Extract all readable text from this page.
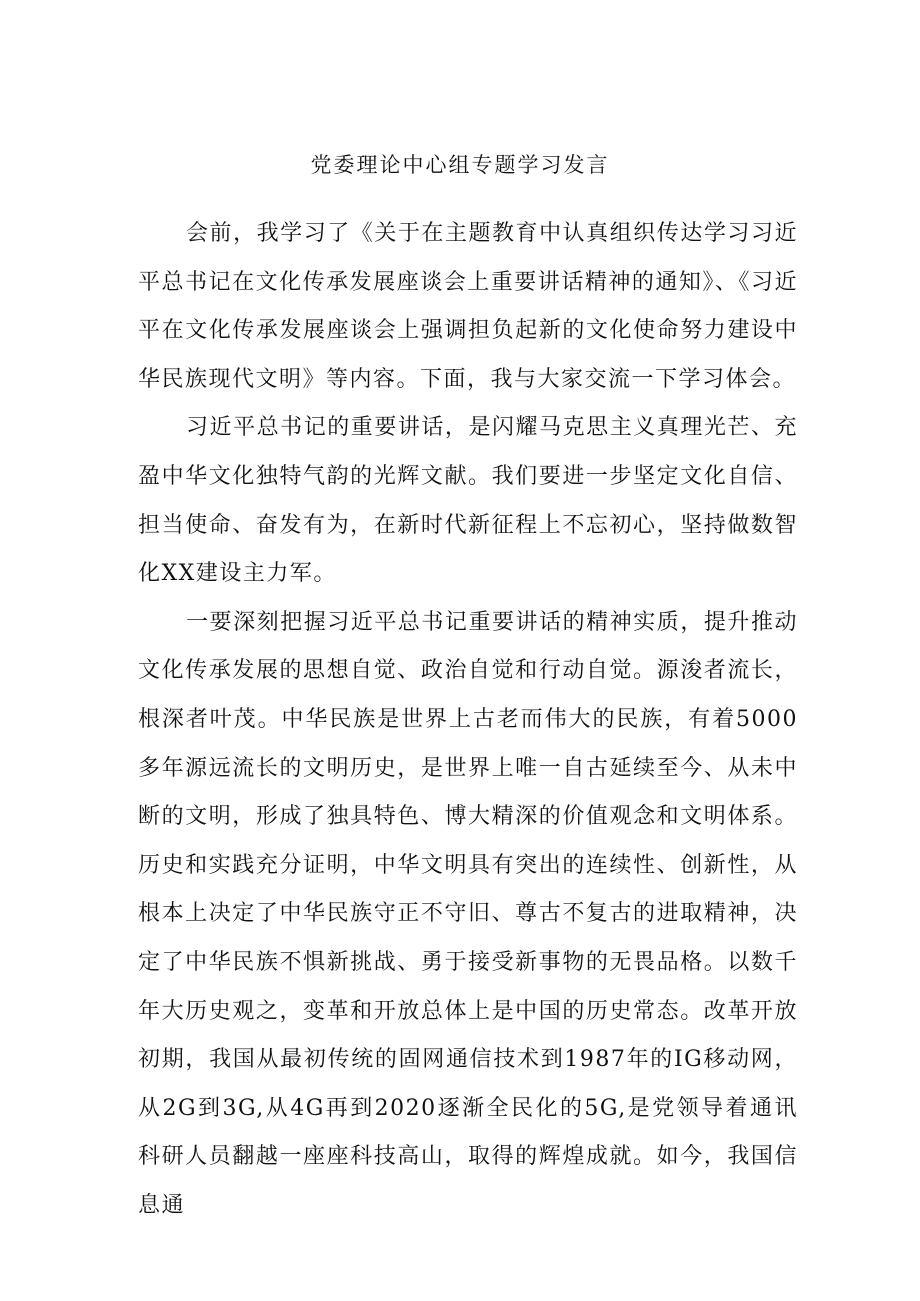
党委理论中心组专题学习发言

会前，我学习了《关于在主题教育中认真组织传达学习习近平总书记在文化传承发展座谈会上重要讲话精神的通知》、《习近平在文化传承发展座谈会上强调担负起新的文化使命努力建设中华民族现代文明》等内容。下面，我与大家交流一下学习体会。

习近平总书记的重要讲话，是闪耀马克思主义真理光芒、充盈中华文化独特气韵的光辉文献。我们要进一步坚定文化自信、担当使命、奋发有为，在新时代新征程上不忘初心，坚持做数智化XX建设主力军。

一要深刻把握习近平总书记重要讲话的精神实质，提升推动文化传承发展的思想自觉、政治自觉和行动自觉。源浚者流长，根深者叶茂。中华民族是世界上古老而伟大的民族，有着5000多年源远流长的文明历史，是世界上唯一自古延续至今、从未中断的文明，形成了独具特色、博大精深的价值观念和文明体系。历史和实践充分证明，中华文明具有突出的连续性、创新性，从根本上决定了中华民族守正不守旧、尊古不复古的进取精神，决定了中华民族不惧新挑战、勇于接受新事物的无畏品格。以数千年大历史观之，变革和开放总体上是中国的历史常态。改革开放初期，我国从最初传统的固网通信技术到1987年的IG移动网，从2G到3G,从4G再到2020逐渐全民化的5G,是党领导着通讯科研人员翻越一座座科技高山，取得的辉煌成就。如今，我国信息通
